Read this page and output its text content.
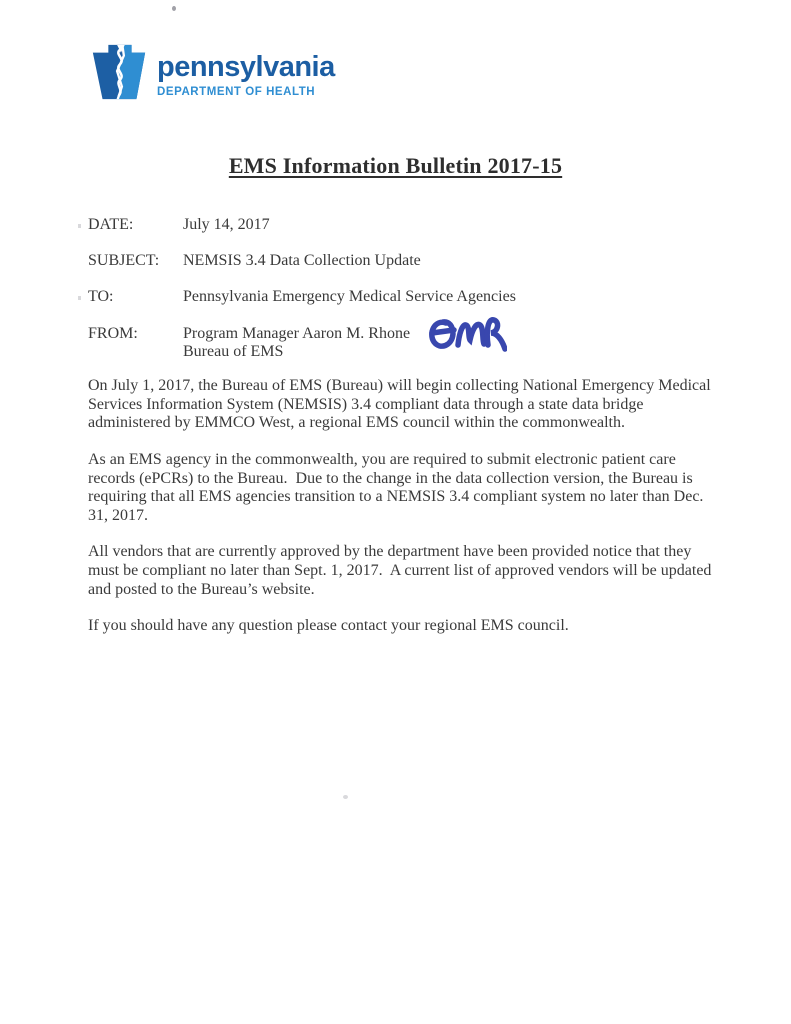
pennsylvania
DEPARTMENT OF HEALTH
EMS Information Bulletin 2017-15
DATE:	July 14, 2017
SUBJECT:	NEMSIS 3.4 Data Collection Update
TO:	Pennsylvania Emergency Medical Service Agencies
FROM:	Program Manager Aaron M. Rhone
Bureau of EMS

On July 1, 2017, the Bureau of EMS (Bureau) will begin collecting National Emergency Medical Services Information System (NEMSIS) 3.4 compliant data through a state data bridge administered by EMMCO West, a regional EMS council within the commonwealth.

As an EMS agency in the commonwealth, you are required to submit electronic patient care records (ePCRs) to the Bureau.  Due to the change in the data collection version, the Bureau is requiring that all EMS agencies transition to a NEMSIS 3.4 compliant system no later than Dec. 31, 2017.

All vendors that are currently approved by the department have been provided notice that they must be compliant no later than Sept. 1, 2017.  A current list of approved vendors will be updated and posted to the Bureau’s website.

If you should have any question please contact your regional EMS council.
